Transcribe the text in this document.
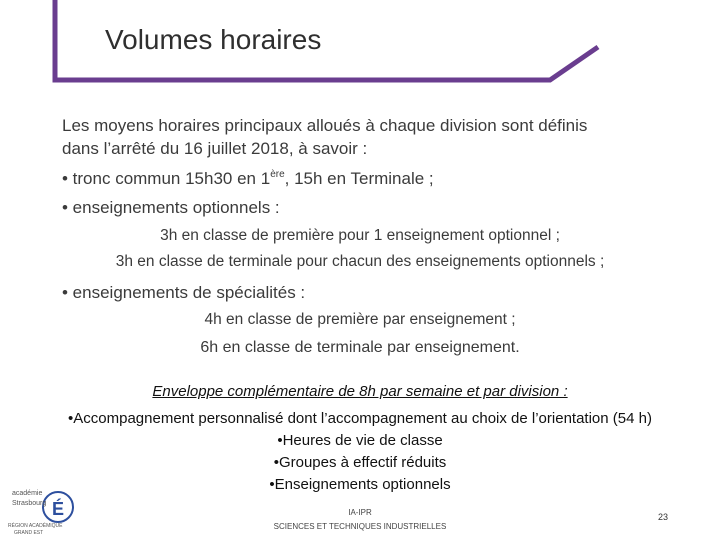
Volumes horaires
Les moyens horaires principaux alloués à chaque division sont définis
dans l’arrêté du 16 juillet 2018, à savoir :
• tronc commun 15h30 en 1ère, 15h en Terminale ;
• enseignements optionnels :
3h en classe de première pour 1 enseignement optionnel ;
3h en classe de terminale pour chacun des enseignements optionnels ;
• enseignements de spécialités :
4h en classe de première par enseignement ;
6h en classe de terminale par enseignement.
Enveloppe complémentaire de 8h par semaine et par division :
•Accompagnement personnalisé dont l’accompagnement au choix de l’orientation (54 h)
•Heures de vie de classe
•Groupes à effectif réduits
•Enseignements optionnels
É
académie
Strasbourg
RÉGION ACADÉMIQUE
GRAND EST
IA-IPR
SCIENCES ET TECHNIQUES INDUSTRIELLES
23
